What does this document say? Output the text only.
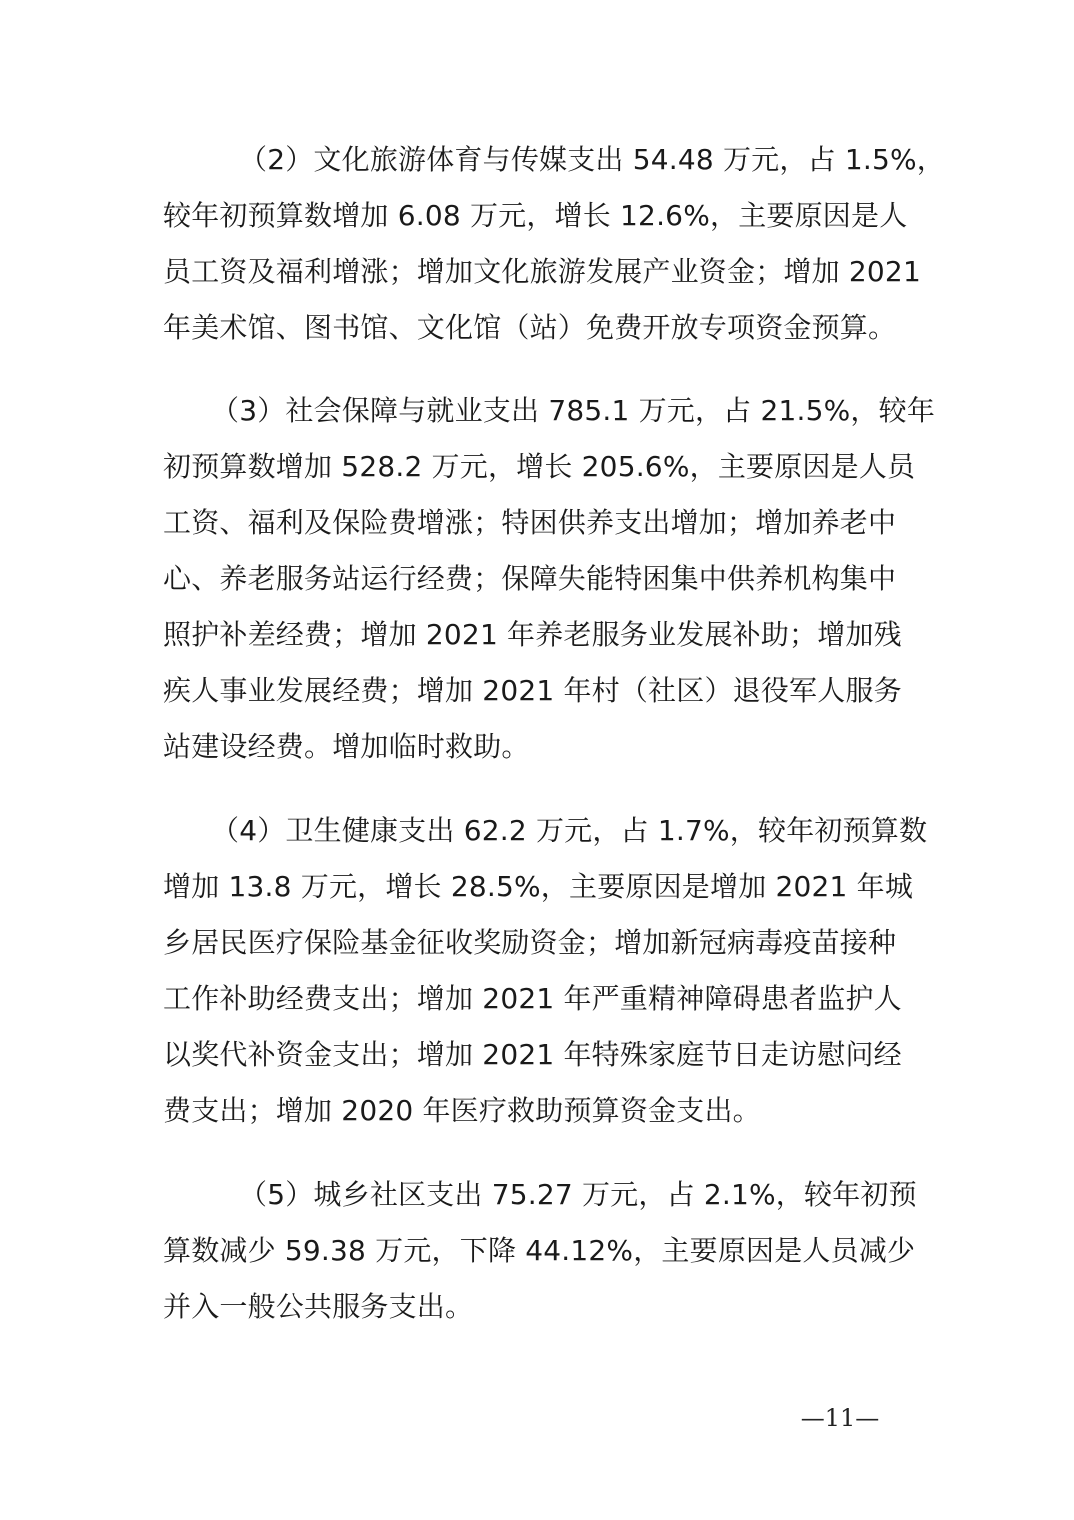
（2）文化旅游体育与传媒支出 54.48 万元，占 1.5%，
较年初预算数增加 6.08 万元，增长 12.6%，主要原因是人
员工资及福利增涨；增加文化旅游发展产业资金；增加 2021
年美术馆、图书馆、文化馆（站）免费开放专项资金预算。
（3）社会保障与就业支出 785.1 万元，占 21.5%，较年
初预算数增加 528.2 万元，增长 205.6%，主要原因是人员
工资、福利及保险费增涨；特困供养支出增加；增加养老中
心、养老服务站运行经费；保障失能特困集中供养机构集中
照护补差经费；增加 2021 年养老服务业发展补助；增加残
疾人事业发展经费；增加 2021 年村（社区）退役军人服务
站建设经费。增加临时救助。
（4）卫生健康支出 62.2 万元，占 1.7%，较年初预算数
增加 13.8 万元，增长 28.5%，主要原因是增加 2021 年城
乡居民医疗保险基金征收奖励资金；增加新冠病毒疫苗接种
工作补助经费支出；增加 2021 年严重精神障碍患者监护人
以奖代补资金支出；增加 2021 年特殊家庭节日走访慰问经
费支出；增加 2020 年医疗救助预算资金支出。
（5）城乡社区支出 75.27 万元，占 2.1%，较年初预
算数减少 59.38 万元，下降 44.12%，主要原因是人员减少
并入一般公共服务支出。
—11—
